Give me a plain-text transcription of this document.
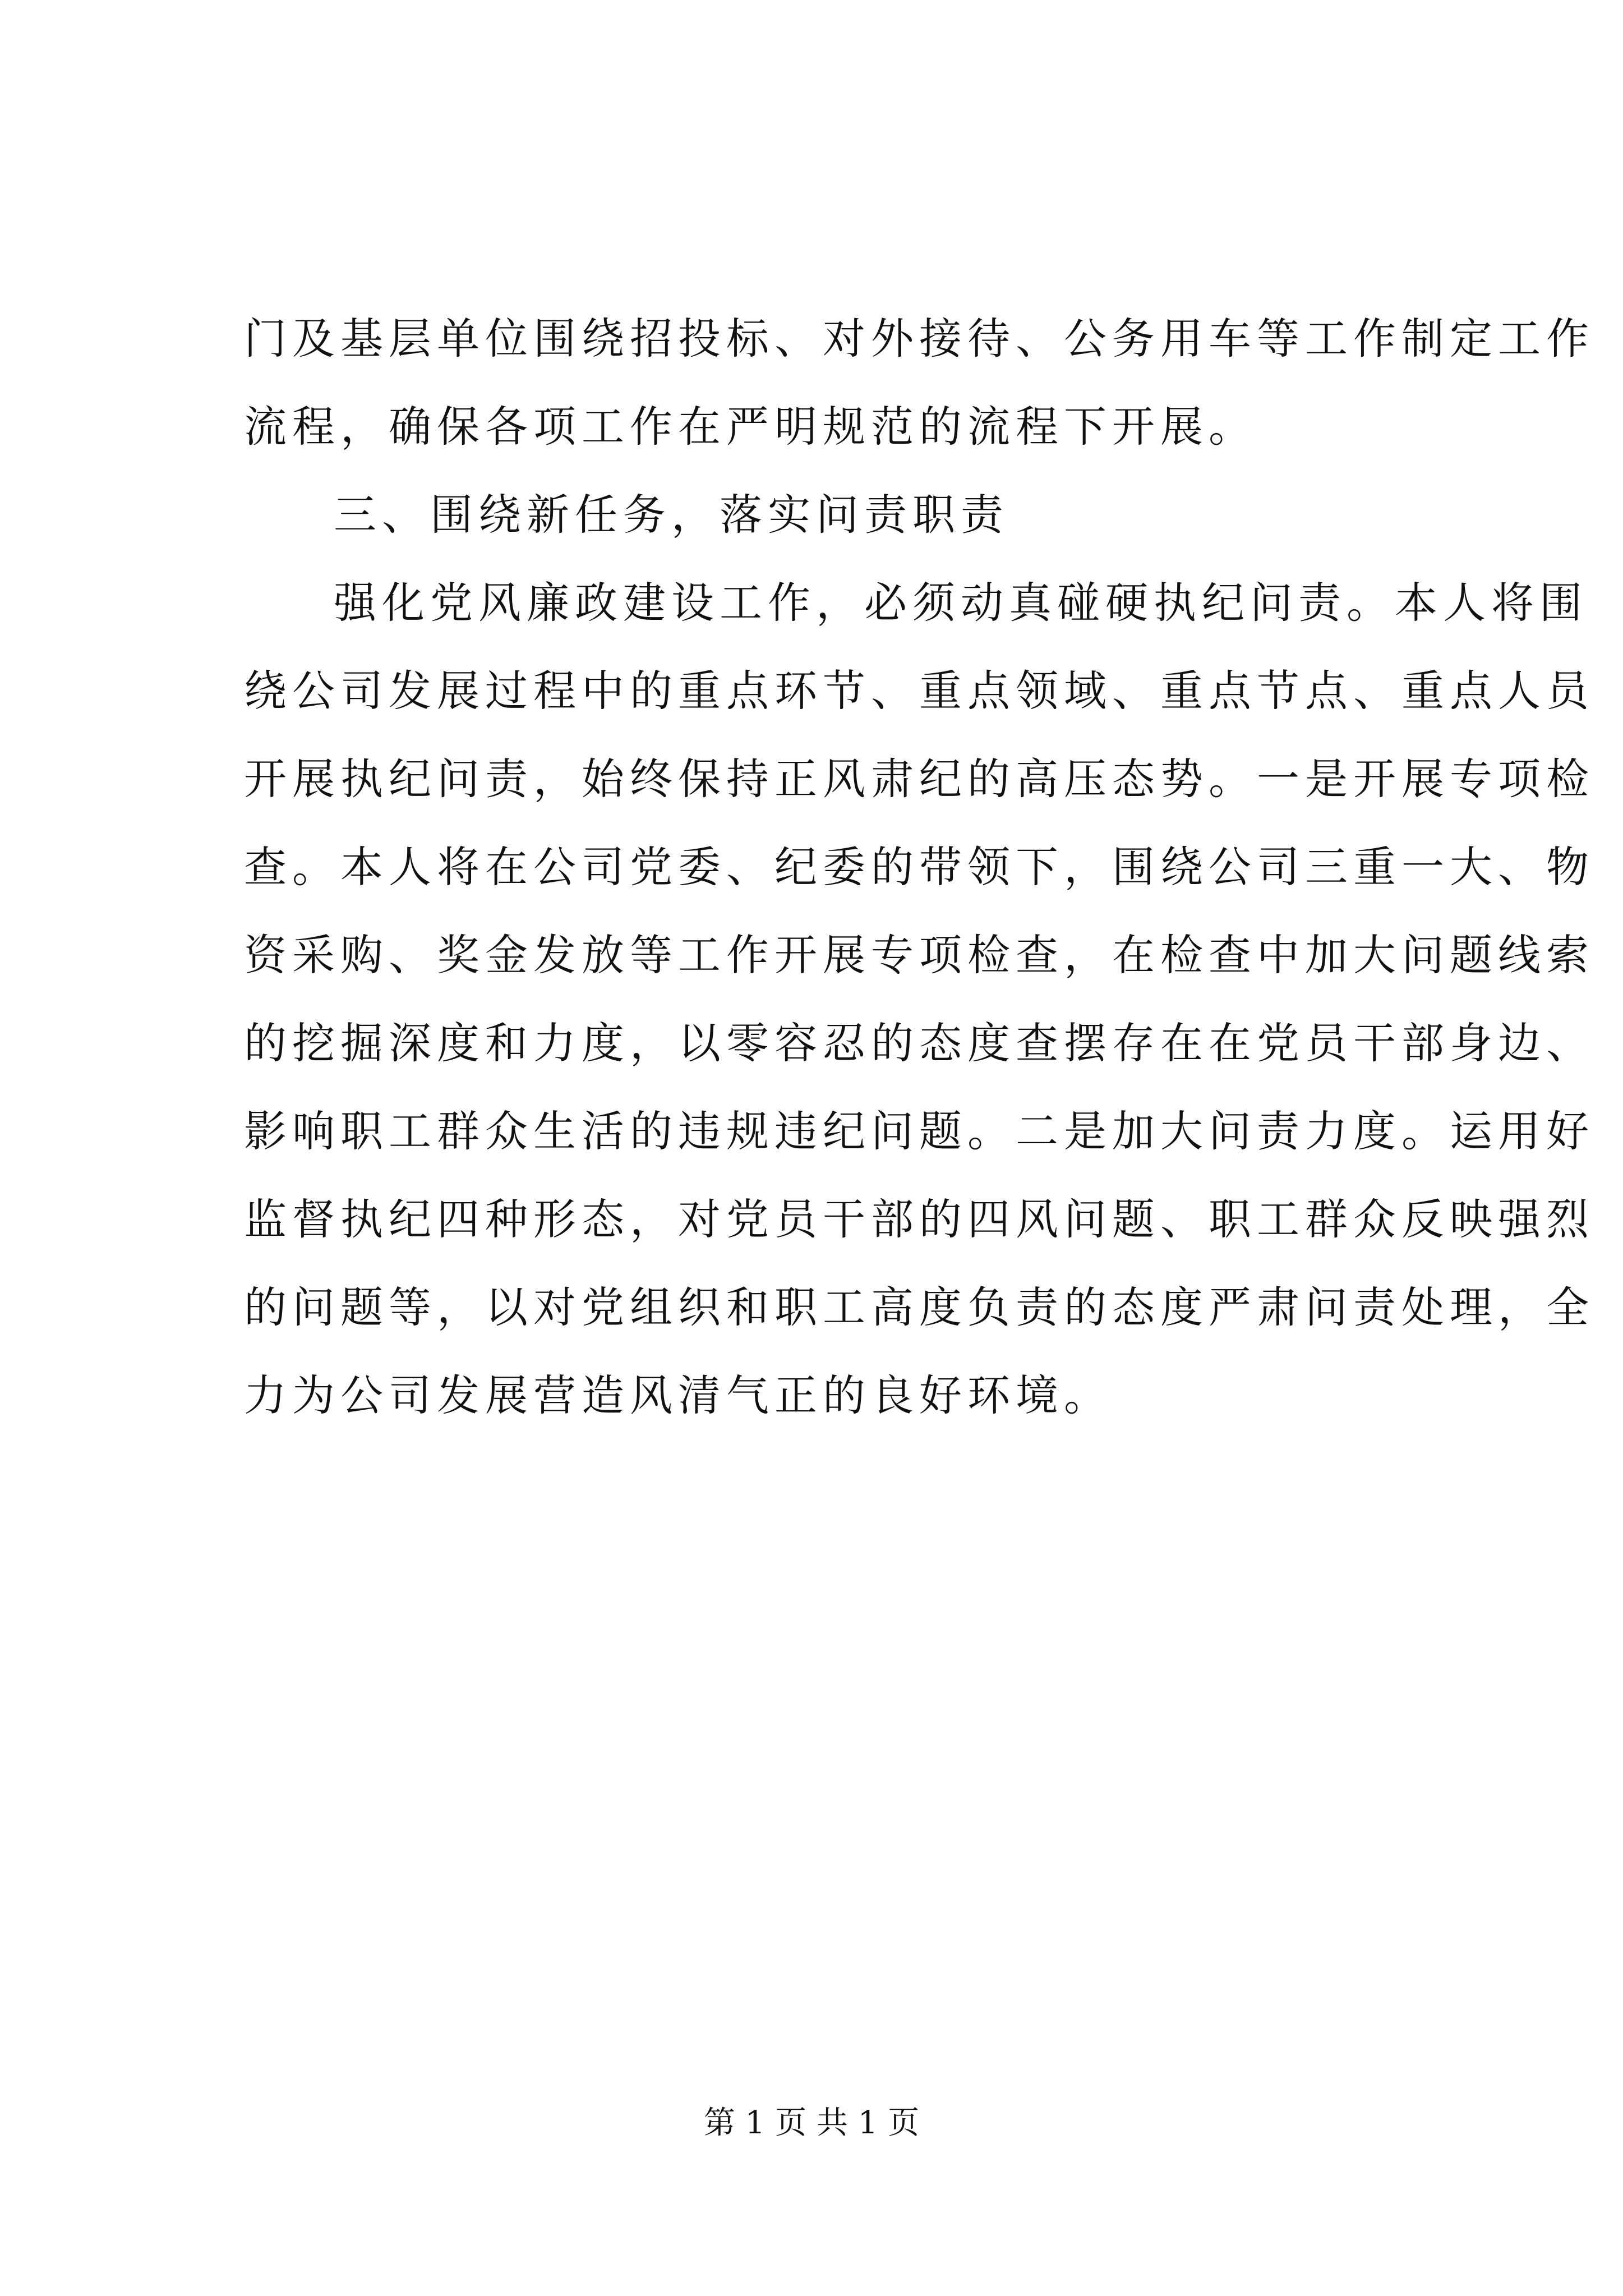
门及基层单位围绕招投标、对外接待、公务用车等工作制定工作
流程，确保各项工作在严明规范的流程下开展。
三、围绕新任务，落实问责职责
强化党风廉政建设工作，必须动真碰硬执纪问责。本人将围
绕公司发展过程中的重点环节、重点领域、重点节点、重点人员
开展执纪问责，始终保持正风肃纪的高压态势。一是开展专项检
查。本人将在公司党委、纪委的带领下，围绕公司三重一大、物
资采购、奖金发放等工作开展专项检查，在检查中加大问题线索
的挖掘深度和力度，以零容忍的态度查摆存在在党员干部身边、
影响职工群众生活的违规违纪问题。二是加大问责力度。运用好
监督执纪四种形态，对党员干部的四风问题、职工群众反映强烈
的问题等，以对党组织和职工高度负责的态度严肃问责处理，全
力为公司发展营造风清气正的良好环境。
第 1 页 共 1 页
